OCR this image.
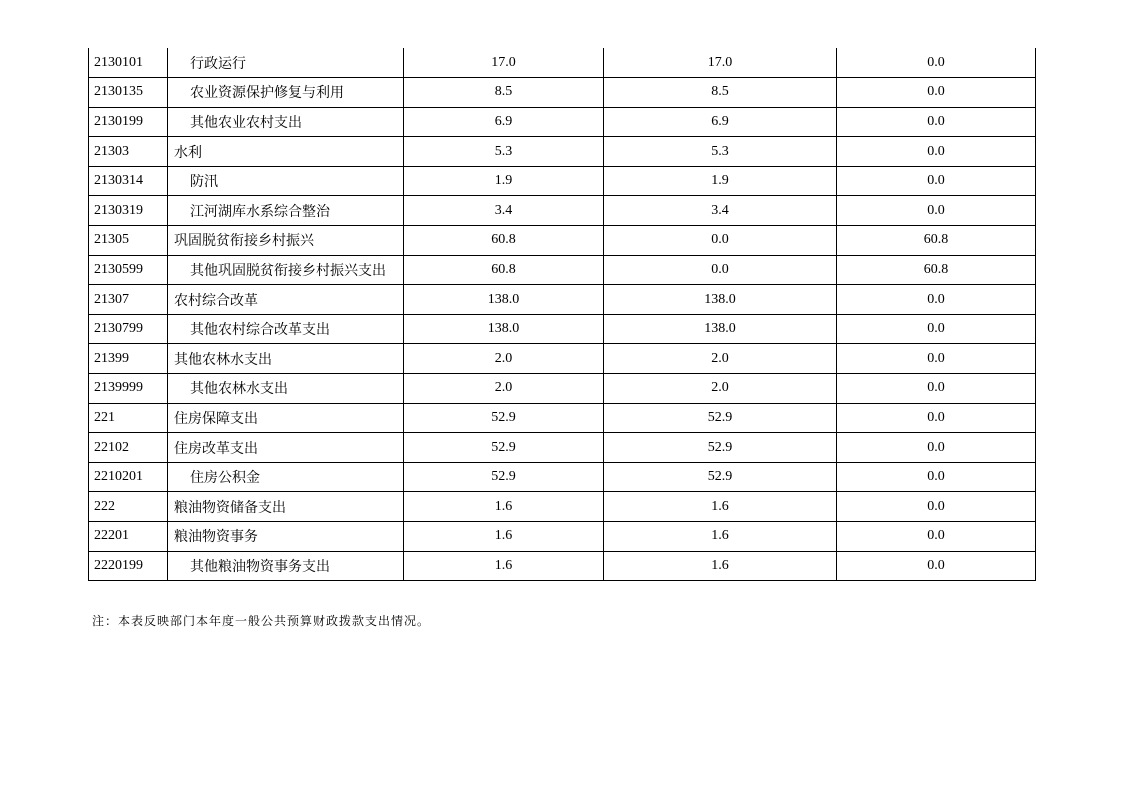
2130101	行政运行	17.0	17.0	0.0
2130135	农业资源保护修复与利用	8.5	8.5	0.0
2130199	其他农业农村支出	6.9	6.9	0.0
21303	水利	5.3	5.3	0.0
2130314	防汛	1.9	1.9	0.0
2130319	江河湖库水系综合整治	3.4	3.4	0.0
21305	巩固脱贫衔接乡村振兴	60.8	0.0	60.8
2130599	其他巩固脱贫衔接乡村振兴支出	60.8	0.0	60.8
21307	农村综合改革	138.0	138.0	0.0
2130799	其他农村综合改革支出	138.0	138.0	0.0
21399	其他农林水支出	2.0	2.0	0.0
2139999	其他农林水支出	2.0	2.0	0.0
221	住房保障支出	52.9	52.9	0.0
22102	住房改革支出	52.9	52.9	0.0
2210201	住房公积金	52.9	52.9	0.0
222	粮油物资储备支出	1.6	1.6	0.0
22201	粮油物资事务	1.6	1.6	0.0
2220199	其他粮油物资事务支出	1.6	1.6	0.0
注：本表反映部门本年度一般公共预算财政拨款支出情况。
